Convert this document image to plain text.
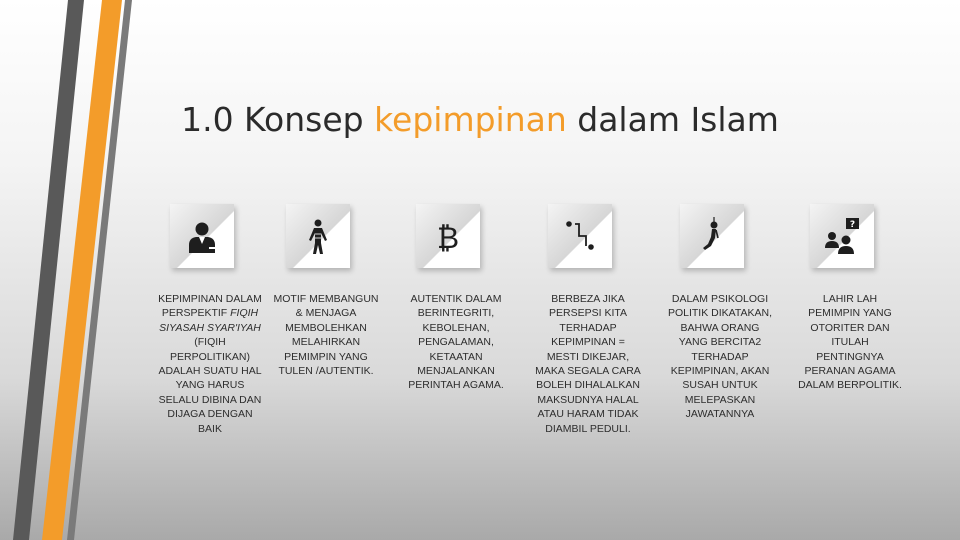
1.0 Konsep kepimpinan dalam Islam
KEPIMPINAN DALAM
PERSPEKTIF FIQIH
SIYASAH SYAR'IYAH
(FIQIH
PERPOLITIKAN)
ADALAH SUATU HAL
YANG HARUS
SELALU DIBINA DAN
DIJAGA DENGAN
BAIK
MOTIF MEMBANGUN
& MENJAGA
MEMBOLEHKAN
MELAHIRKAN
PEMIMPIN YANG
TULEN /AUTENTIK.
₿
AUTENTIK DALAM
BERINTEGRITI,
KEBOLEHAN,
PENGALAMAN,
KETAATAN
MENJALANKAN
PERINTAH AGAMA.
BERBEZA JIKA
PERSEPSI KITA
TERHADAP
KEPIMPINAN =
MESTI DIKEJAR,
MAKA SEGALA CARA
BOLEH DIHALALKAN
MAKSUDNYA HALAL
ATAU HARAM TIDAK
DIAMBIL PEDULI.
DALAM PSIKOLOGI
POLITIK DIKATAKAN,
BAHWA ORANG
YANG BERCITA2
TERHADAP
KEPIMPINAN, AKAN
SUSAH UNTUK
MELEPASKAN
JAWATANNYA
?
LAHIR LAH
PEMIMPIN YANG
OTORITER DAN
ITULAH
PENTINGNYA
PERANAN AGAMA
DALAM BERPOLITIK.
